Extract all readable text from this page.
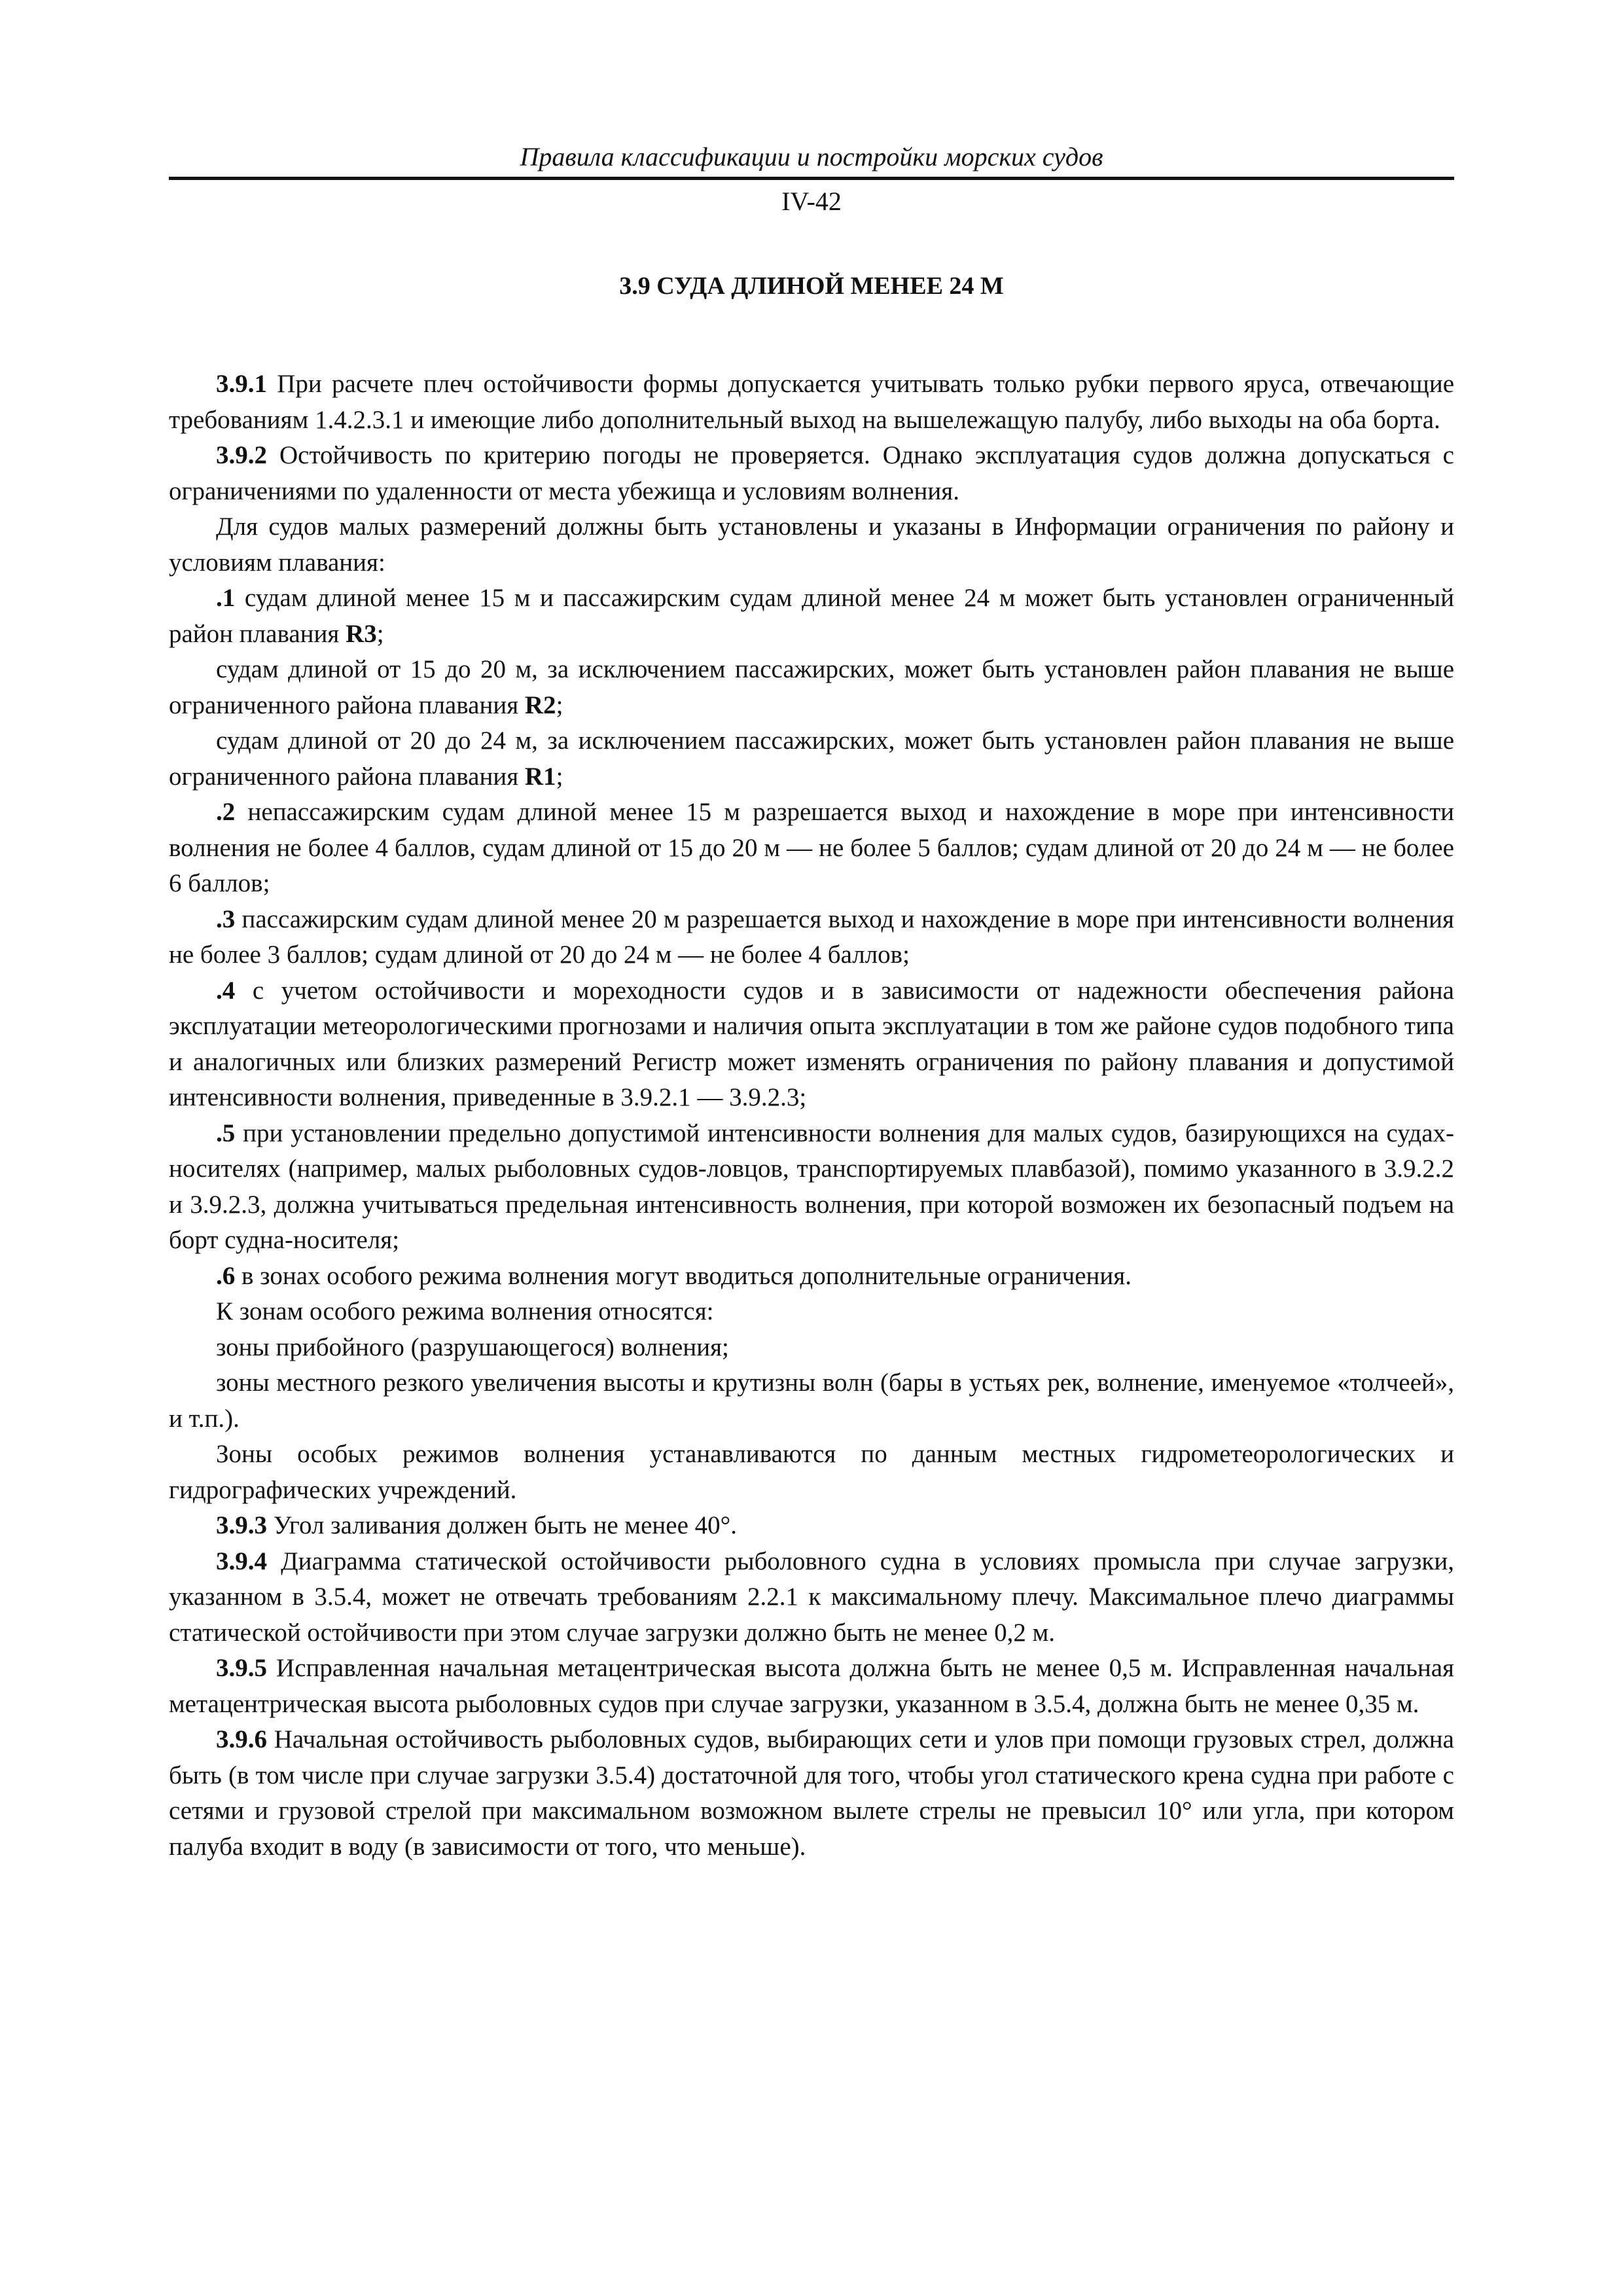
Правила классификации и постройки морских судов
IV-42
3.9 СУДА ДЛИНОЙ МЕНЕЕ 24 М

3.9.1 При расчете плеч остойчивости формы допускается учитывать только рубки первого яруса, отвечающие требованиям 1.4.2.3.1 и имеющие либо дополнительный выход на вышележащую палубу, либо выходы на оба борта.

3.9.2 Остойчивость по критерию погоды не проверяется. Однако эксплуатация судов должна допускаться с ограничениями по удаленности от места убежища и условиям волнения.

Для судов малых размерений должны быть установлены и указаны в Информации ограничения по району и условиям плавания:

.1 судам длиной менее 15 м и пассажирским судам длиной менее 24 м может быть установлен ограниченный район плавания R3;

судам длиной от 15 до 20 м, за исключением пассажирских, может быть установлен район плавания не выше ограниченного района плавания R2;

судам длиной от 20 до 24 м, за исключением пассажирских, может быть установлен район плавания не выше ограниченного района плавания R1;

.2 непассажирским судам длиной менее 15 м разрешается выход и нахождение в море при интенсивности волнения не более 4 баллов, судам длиной от 15 до 20 м — не более 5 баллов; судам длиной от 20 до 24 м — не более 6 баллов;

.3 пассажирским судам длиной менее 20 м разрешается выход и нахождение в море при интенсивности волнения не более 3 баллов; судам длиной от 20 до 24 м — не более 4 баллов;

.4 с учетом остойчивости и мореходности судов и в зависимости от надежности обеспечения района эксплуатации метеорологическими прогнозами и наличия опыта эксплуатации в том же районе судов подобного типа и аналогичных или близких размерений Регистр может изменять ограничения по району плавания и допустимой интенсивности волнения, приведенные в 3.9.2.1 — 3.9.2.3;

.5 при установлении предельно допустимой интенсивности волнения для малых судов, базирующихся на судах-носителях (например, малых рыболовных судов-ловцов, транспортируемых плавбазой), помимо указанного в 3.9.2.2 и 3.9.2.3, должна учитываться предельная интенсивность волнения, при которой возможен их безопасный подъем на борт судна-носителя;

.6 в зонах особого режима волнения могут вводиться дополнительные ограничения.

К зонам особого режима волнения относятся:

зоны прибойного (разрушающегося) волнения;

зоны местного резкого увеличения высоты и крутизны волн (бары в устьях рек, волнение, именуемое «толчеей», и т.п.).

Зоны особых режимов волнения устанавливаются по данным местных гидрометеорологических и гидрографических учреждений.

3.9.3 Угол заливания должен быть не менее 40°.

3.9.4 Диаграмма статической остойчивости рыболовного судна в условиях промысла при случае загрузки, указанном в 3.5.4, может не отвечать требованиям 2.2.1 к максимальному плечу. Максимальное плечо диаграммы статической остойчивости при этом случае загрузки должно быть не менее 0,2 м.

3.9.5 Исправленная начальная метацентрическая высота должна быть не менее 0,5 м. Исправленная начальная метацентрическая высота рыболовных судов при случае загрузки, указанном в 3.5.4, должна быть не менее 0,35 м.

3.9.6 Начальная остойчивость рыболовных судов, выбирающих сети и улов при помощи грузовых стрел, должна быть (в том числе при случае загрузки 3.5.4) достаточной для того, чтобы угол статического крена судна при работе с сетями и грузовой стрелой при максимальном возможном вылете стрелы не превысил 10° или угла, при котором палуба входит в воду (в зависимости от того, что меньше).
